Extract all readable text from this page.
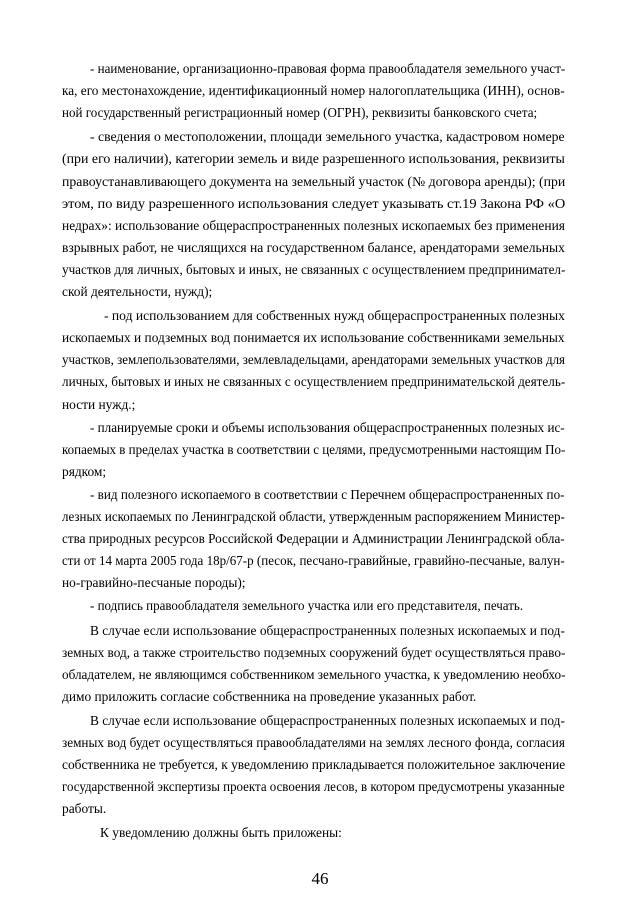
- наименование, организационно-правовая форма правообладателя земельного участ-
ка, его местонахождение, идентификационный номер налогоплательщика (ИНН), основ-
ной государственный регистрационный номер (ОГРН), реквизиты банковского счета;
- сведения о местоположении, площади земельного участка, кадастровом номере
(при его наличии), категории земель и виде разрешенного использования, реквизиты
правоустанавливающего документа на земельный участок (№ договора аренды); (при
этом, по виду разрешенного использования следует указывать ст.19 Закона РФ «О
недрах»: использование общераспространенных полезных ископаемых без применения
взрывных работ, не числящихся на государственном балансе, арендаторами земельных
участков для личных, бытовых и иных, не связанных с осуществлением предпринимател-
ской деятельности, нужд);
- под использованием для собственных нужд общераспространенных полезных
ископаемых и подземных вод понимается их использование собственниками земельных
участков, землепользователями, землевладельцами, арендаторами земельных участков для
личных, бытовых и иных не связанных с осуществлением предпринимательской деятель-
ности нужд.;
- планируемые сроки и объемы использования общераспространенных полезных ис-
копаемых в пределах участка в соответствии с целями, предусмотренными настоящим По-
рядком;
- вид полезного ископаемого в соответствии с Перечнем общераспространенных по-
лезных ископаемых по Ленинградской области, утвержденным распоряжением Министер-
ства природных ресурсов Российской Федерации и Администрации Ленинградской обла-
сти от 14 марта 2005 года 18р/67-р (песок, песчано-гравийные, гравийно-песчаные, валун-
но-гравийно-песчаные породы);
- подпись правообладателя земельного участка или его представителя, печать.
В случае если использование общераспространенных полезных ископаемых и под-
земных вод, а также строительство подземных сооружений будет осуществляться право-
обладателем, не являющимся собственником земельного участка, к уведомлению необхо-
димо приложить согласие собственника на проведение указанных работ.
В случае если использование общераспространенных полезных ископаемых и под-
земных вод будет осуществляться правообладателями на землях лесного фонда, согласия
собственника не требуется, к уведомлению прикладывается положительное заключение
государственной экспертизы проекта освоения лесов, в котором предусмотрены указанные
работы.
К уведомлению должны быть приложены:
46
